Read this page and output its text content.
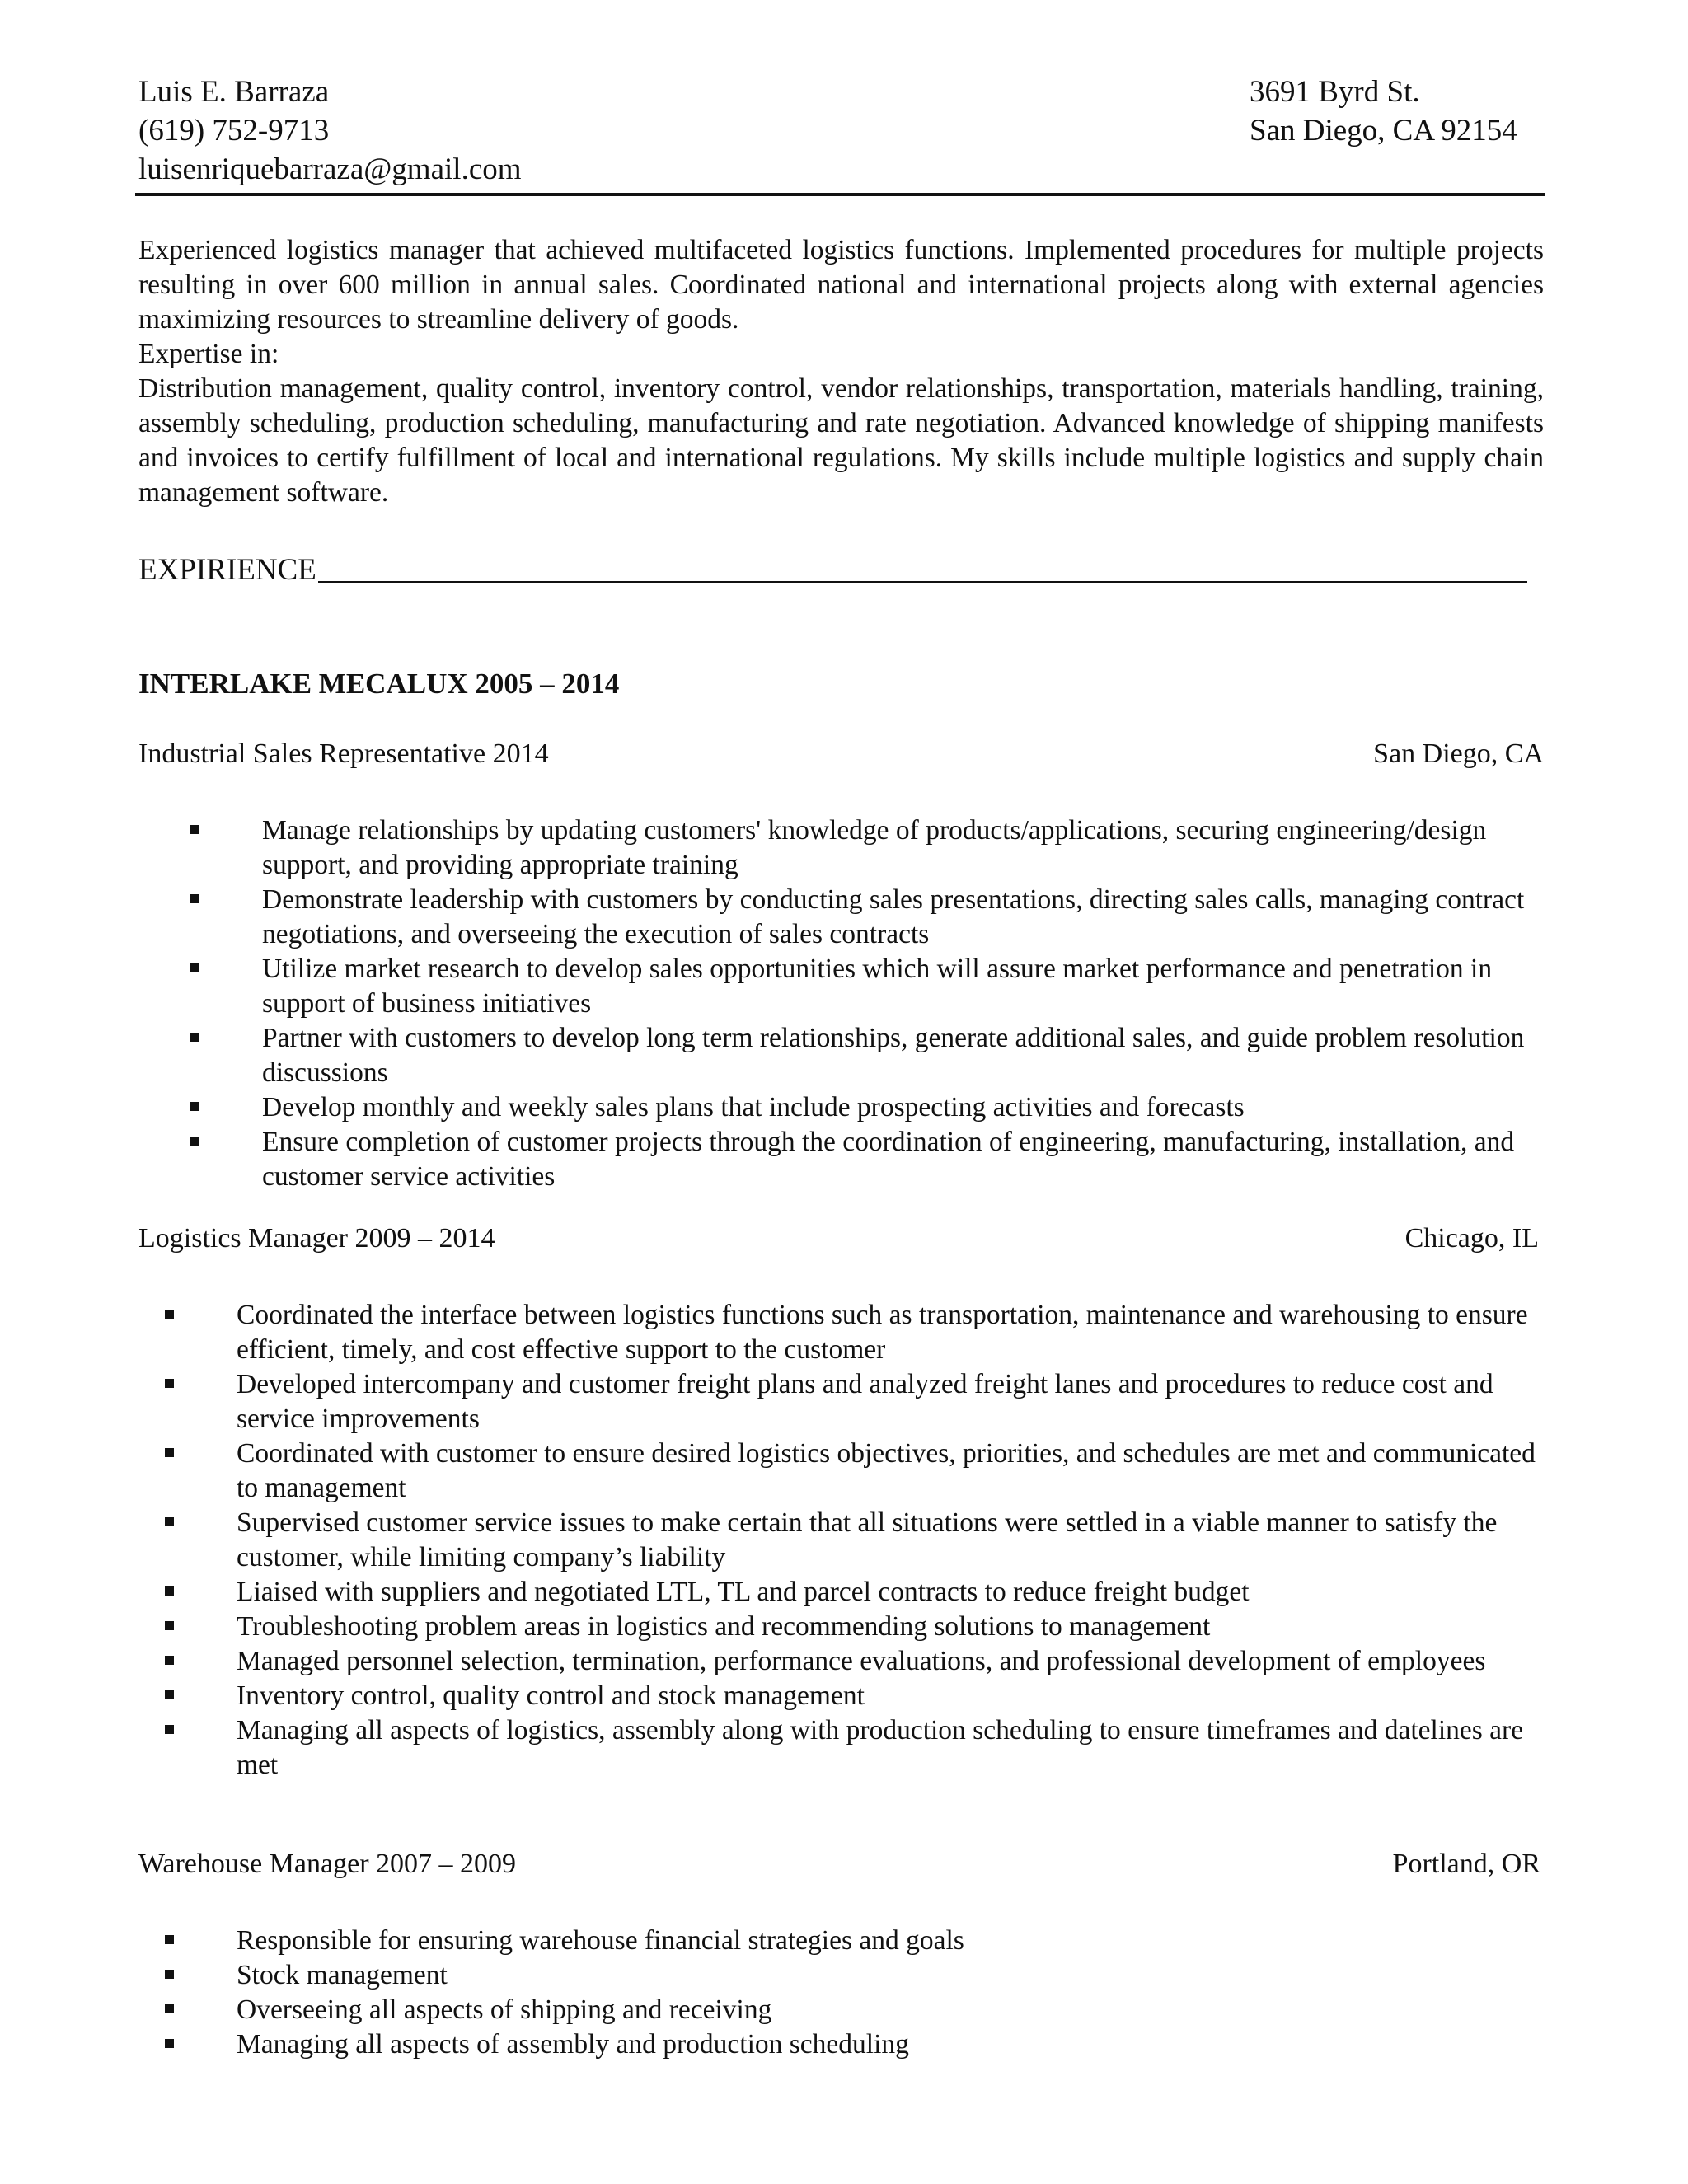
Luis E. Barraza
(619) 752-9713
luisenriquebarraza@gmail.com
3691 Byrd St.
San Diego, CA 92154

Experienced logistics manager that achieved multifaceted logistics functions. Implemented procedures for multiple projects resulting in over 600 million in annual sales. Coordinated national and international projects along with external agencies maximizing resources to streamline delivery of goods.

Expertise in:

Distribution management, quality control, inventory control, vendor relationships, transportation, materials handling, training, assembly scheduling, production scheduling, manufacturing and rate negotiation. Advanced knowledge of shipping manifests and invoices to certify fulfillment of local and international regulations. My skills include multiple logistics and supply chain management software.

EXPIRIENCE
INTERLAKE MECALUX 2005 – 2014
Industrial Sales Representative 2014	San Diego, CA
Manage relationships by updating customers' knowledge of products/applications, securing engineering/design support, and providing appropriate training
Demonstrate leadership with customers by conducting sales presentations, directing sales calls, managing contract negotiations, and overseeing the execution of sales contracts
Utilize market research to develop sales opportunities which will assure market performance and penetration in support of business initiatives
Partner with customers to develop long term relationships, generate additional sales, and guide problem resolution discussions
Develop monthly and weekly sales plans that include prospecting activities and forecasts
Ensure completion of customer projects through the coordination of engineering, manufacturing, installation, and customer service activities
Logistics Manager 2009 – 2014	Chicago, IL
Coordinated the interface between logistics functions such as transportation, maintenance and warehousing to ensure efficient, timely, and cost effective support to the customer
Developed intercompany and customer freight plans and analyzed freight lanes and procedures to reduce cost and service improvements
Coordinated with customer to ensure desired logistics objectives, priorities, and schedules are met and communicated to management
Supervised customer service issues to make certain that all situations were settled in a viable manner to satisfy the customer, while limiting company’s liability
Liaised with suppliers and negotiated LTL, TL and parcel contracts to reduce freight budget
Troubleshooting problem areas in logistics and recommending solutions to management
Managed personnel selection, termination, performance evaluations, and professional development of employees
Inventory control, quality control and stock management
Managing all aspects of logistics, assembly along with production scheduling to ensure timeframes and datelines are met
Warehouse Manager 2007 – 2009	Portland, OR
Responsible for ensuring warehouse financial strategies and goals
Stock management
Overseeing all aspects of shipping and receiving
Managing all aspects of assembly and production scheduling
